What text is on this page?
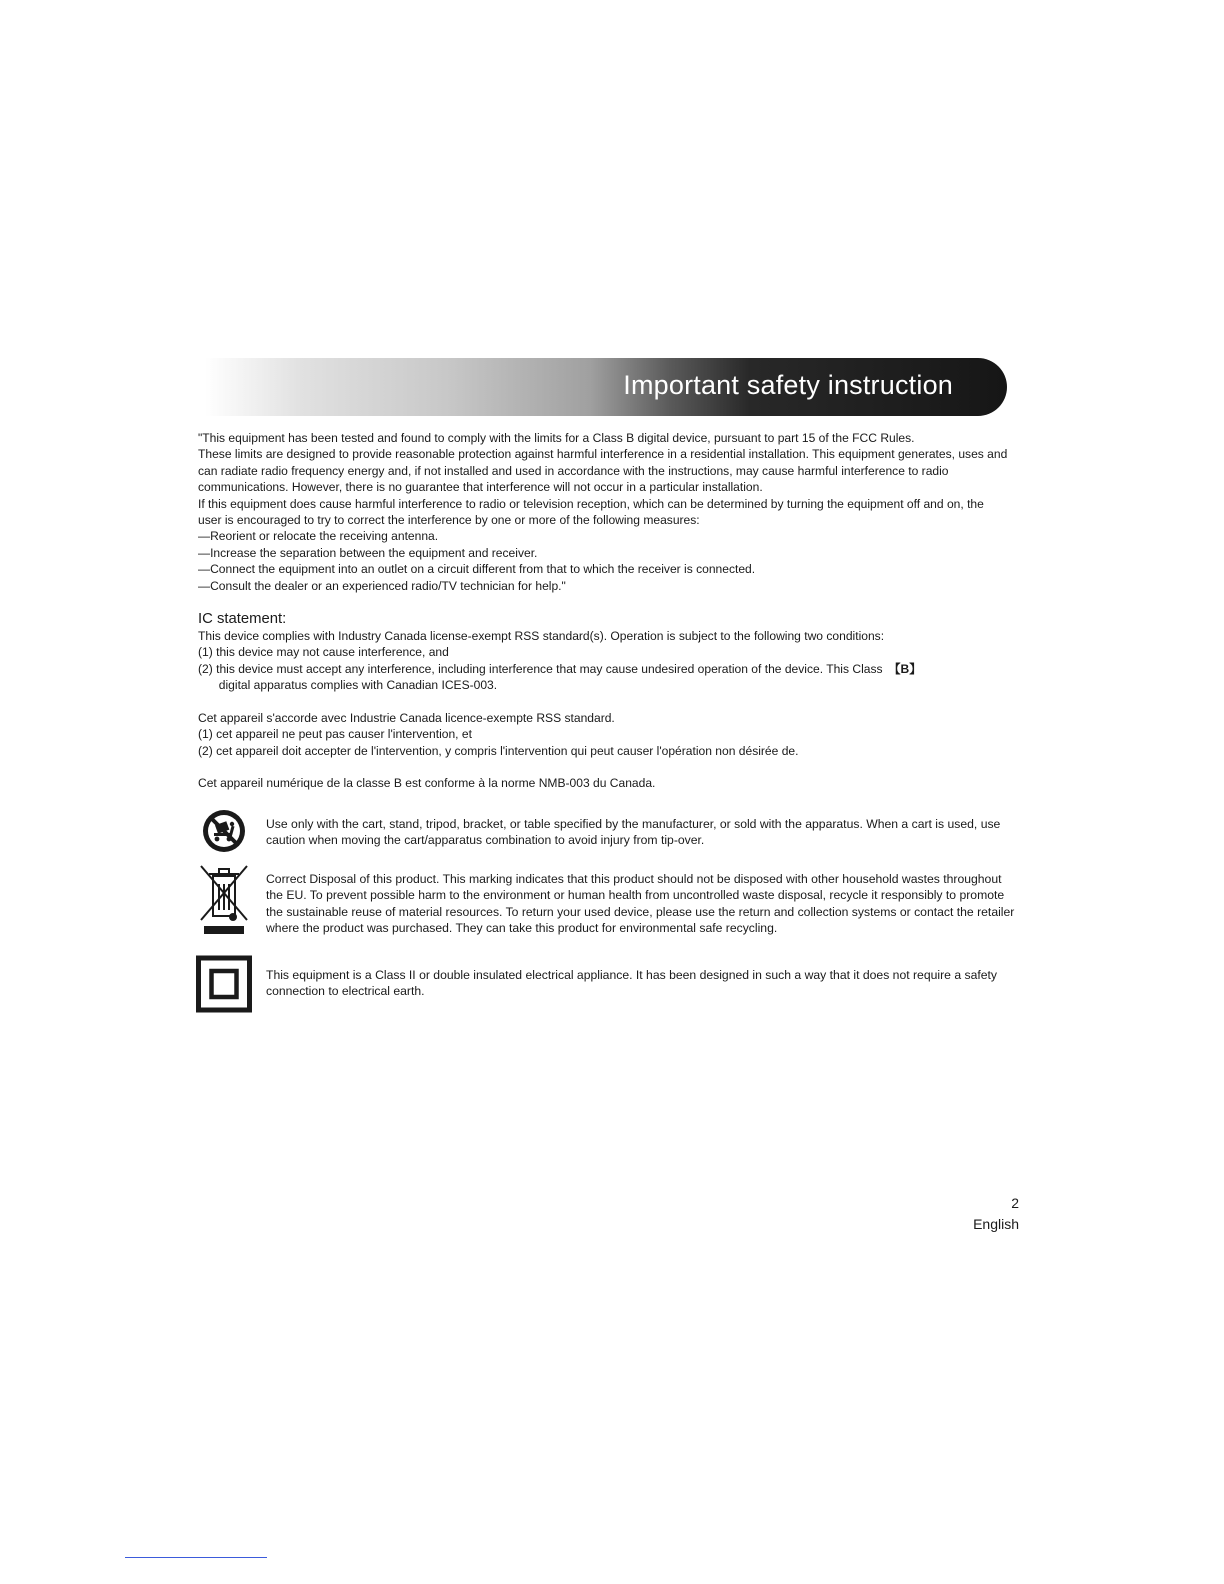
Important safety instruction

"This equipment has been tested and found to comply with the limits for a Class B digital device, pursuant to part 15 of the FCC Rules.

These limits are designed to provide reasonable protection against harmful interference in a residential installation. This equipment generates, uses and can radiate radio frequency energy and, if not installed and used in accordance with the instructions, may cause harmful interference to radio communications. However, there is no guarantee that interference will not occur in a particular installation.

If this equipment does cause harmful interference to radio or television reception, which can be determined by turning the equipment off and on, the user is encouraged to try to correct the interference by one or more of the following measures:

—Reorient or relocate the receiving antenna.

—Increase the separation between the equipment and receiver.

—Connect the equipment into an outlet on a circuit different from that to which the receiver is connected.

—Consult the dealer or an experienced radio/TV technician for help."

IC statement:

This device complies with Industry Canada license-exempt RSS standard(s). Operation is subject to the following two conditions:

(1) this device may not cause interference, and

(2) this device must accept any interference, including interference that may cause undesired operation of the device. This Class 【B】

digital apparatus complies with Canadian ICES-003.

Cet appareil s'accorde avec Industrie Canada licence-exempte RSS standard.

(1) cet appareil ne peut pas causer l'intervention, et

(2) cet appareil doit accepter de l'intervention, y compris l'intervention qui peut causer l'opération non désirée de.

Cet appareil numérique de la classe B est conforme à la norme NMB-003 du Canada.

Use only with the cart, stand, tripod, bracket, or table specified by the manufacturer, or sold with the apparatus. When a cart is used, use caution when moving the cart/apparatus combination to avoid injury from tip-over.
Correct Disposal of this product. This marking indicates that this product should not be disposed with other household wastes throughout the EU. To prevent possible harm to the environment or human health from uncontrolled waste disposal, recycle it responsibly to promote the sustainable reuse of material resources. To return your used device, please use the return and collection systems or contact the retailer where the product was purchased. They can take this product for environmental safe recycling.
This equipment is a Class II or double insulated electrical appliance. It has been designed in such a way that it does not require a safety connection to electrical earth.
2
English
